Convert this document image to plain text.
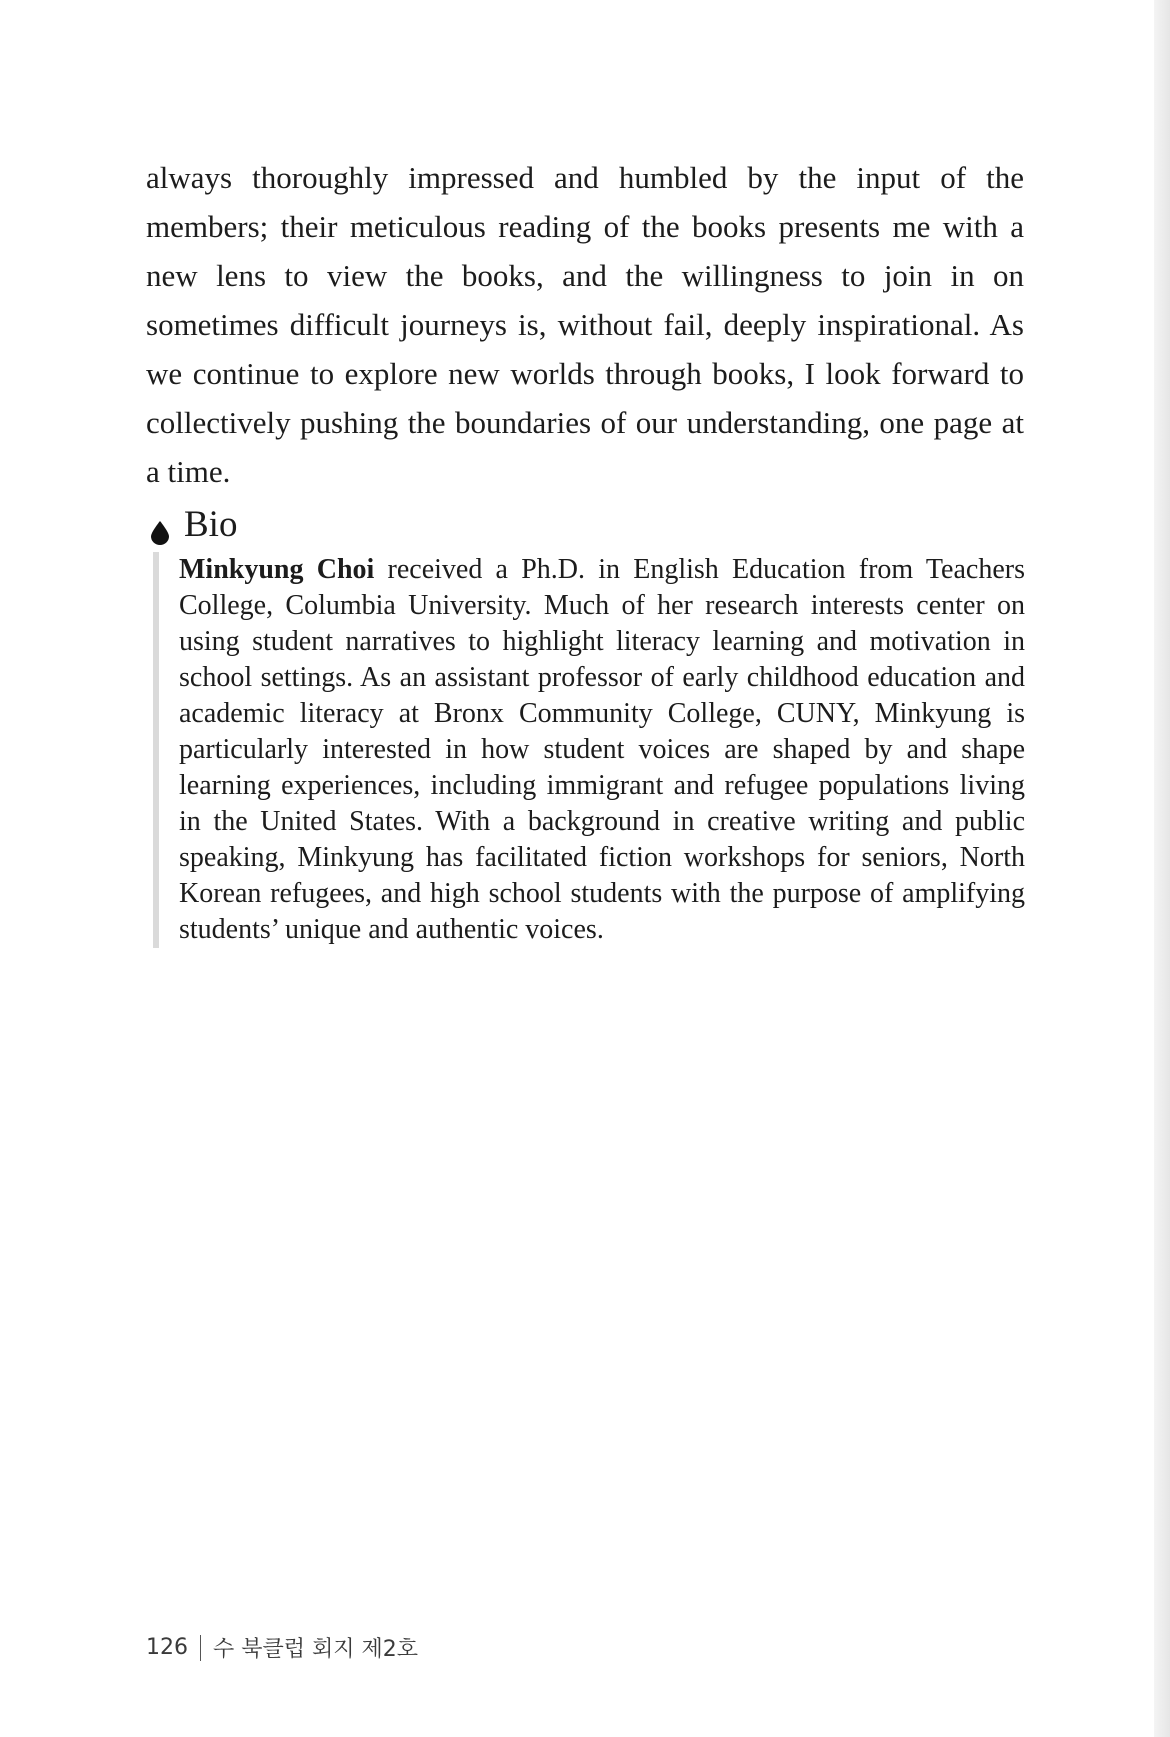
always thoroughly impressed and humbled by the input of the members; their meticulous reading of the books presents me with a new lens to view the books, and the willingness to join in on sometimes difficult journeys is, without fail, deeply inspirational. As we continue to explore new worlds through books, I look forward to collectively pushing the boundaries of our understanding, one page at a time.

Bio

Minkyung Choi received a Ph.D. in English Education from Teachers College, Columbia University. Much of her research interests center on using student narratives to highlight literacy learning and motivation in school settings. As an assistant professor of early childhood education and academic literacy at Bronx Community College, CUNY, Minkyung is particularly interested in how student voices are shaped by and shape learning experiences, including immigrant and refugee populations living in the United States. With a background in creative writing and public speaking, Minkyung has facilitated fiction workshops for seniors, North Korean refugees, and high school students with the purpose of amplifying students’ unique and authentic voices.

126 수 북클럽 회지 제2호
